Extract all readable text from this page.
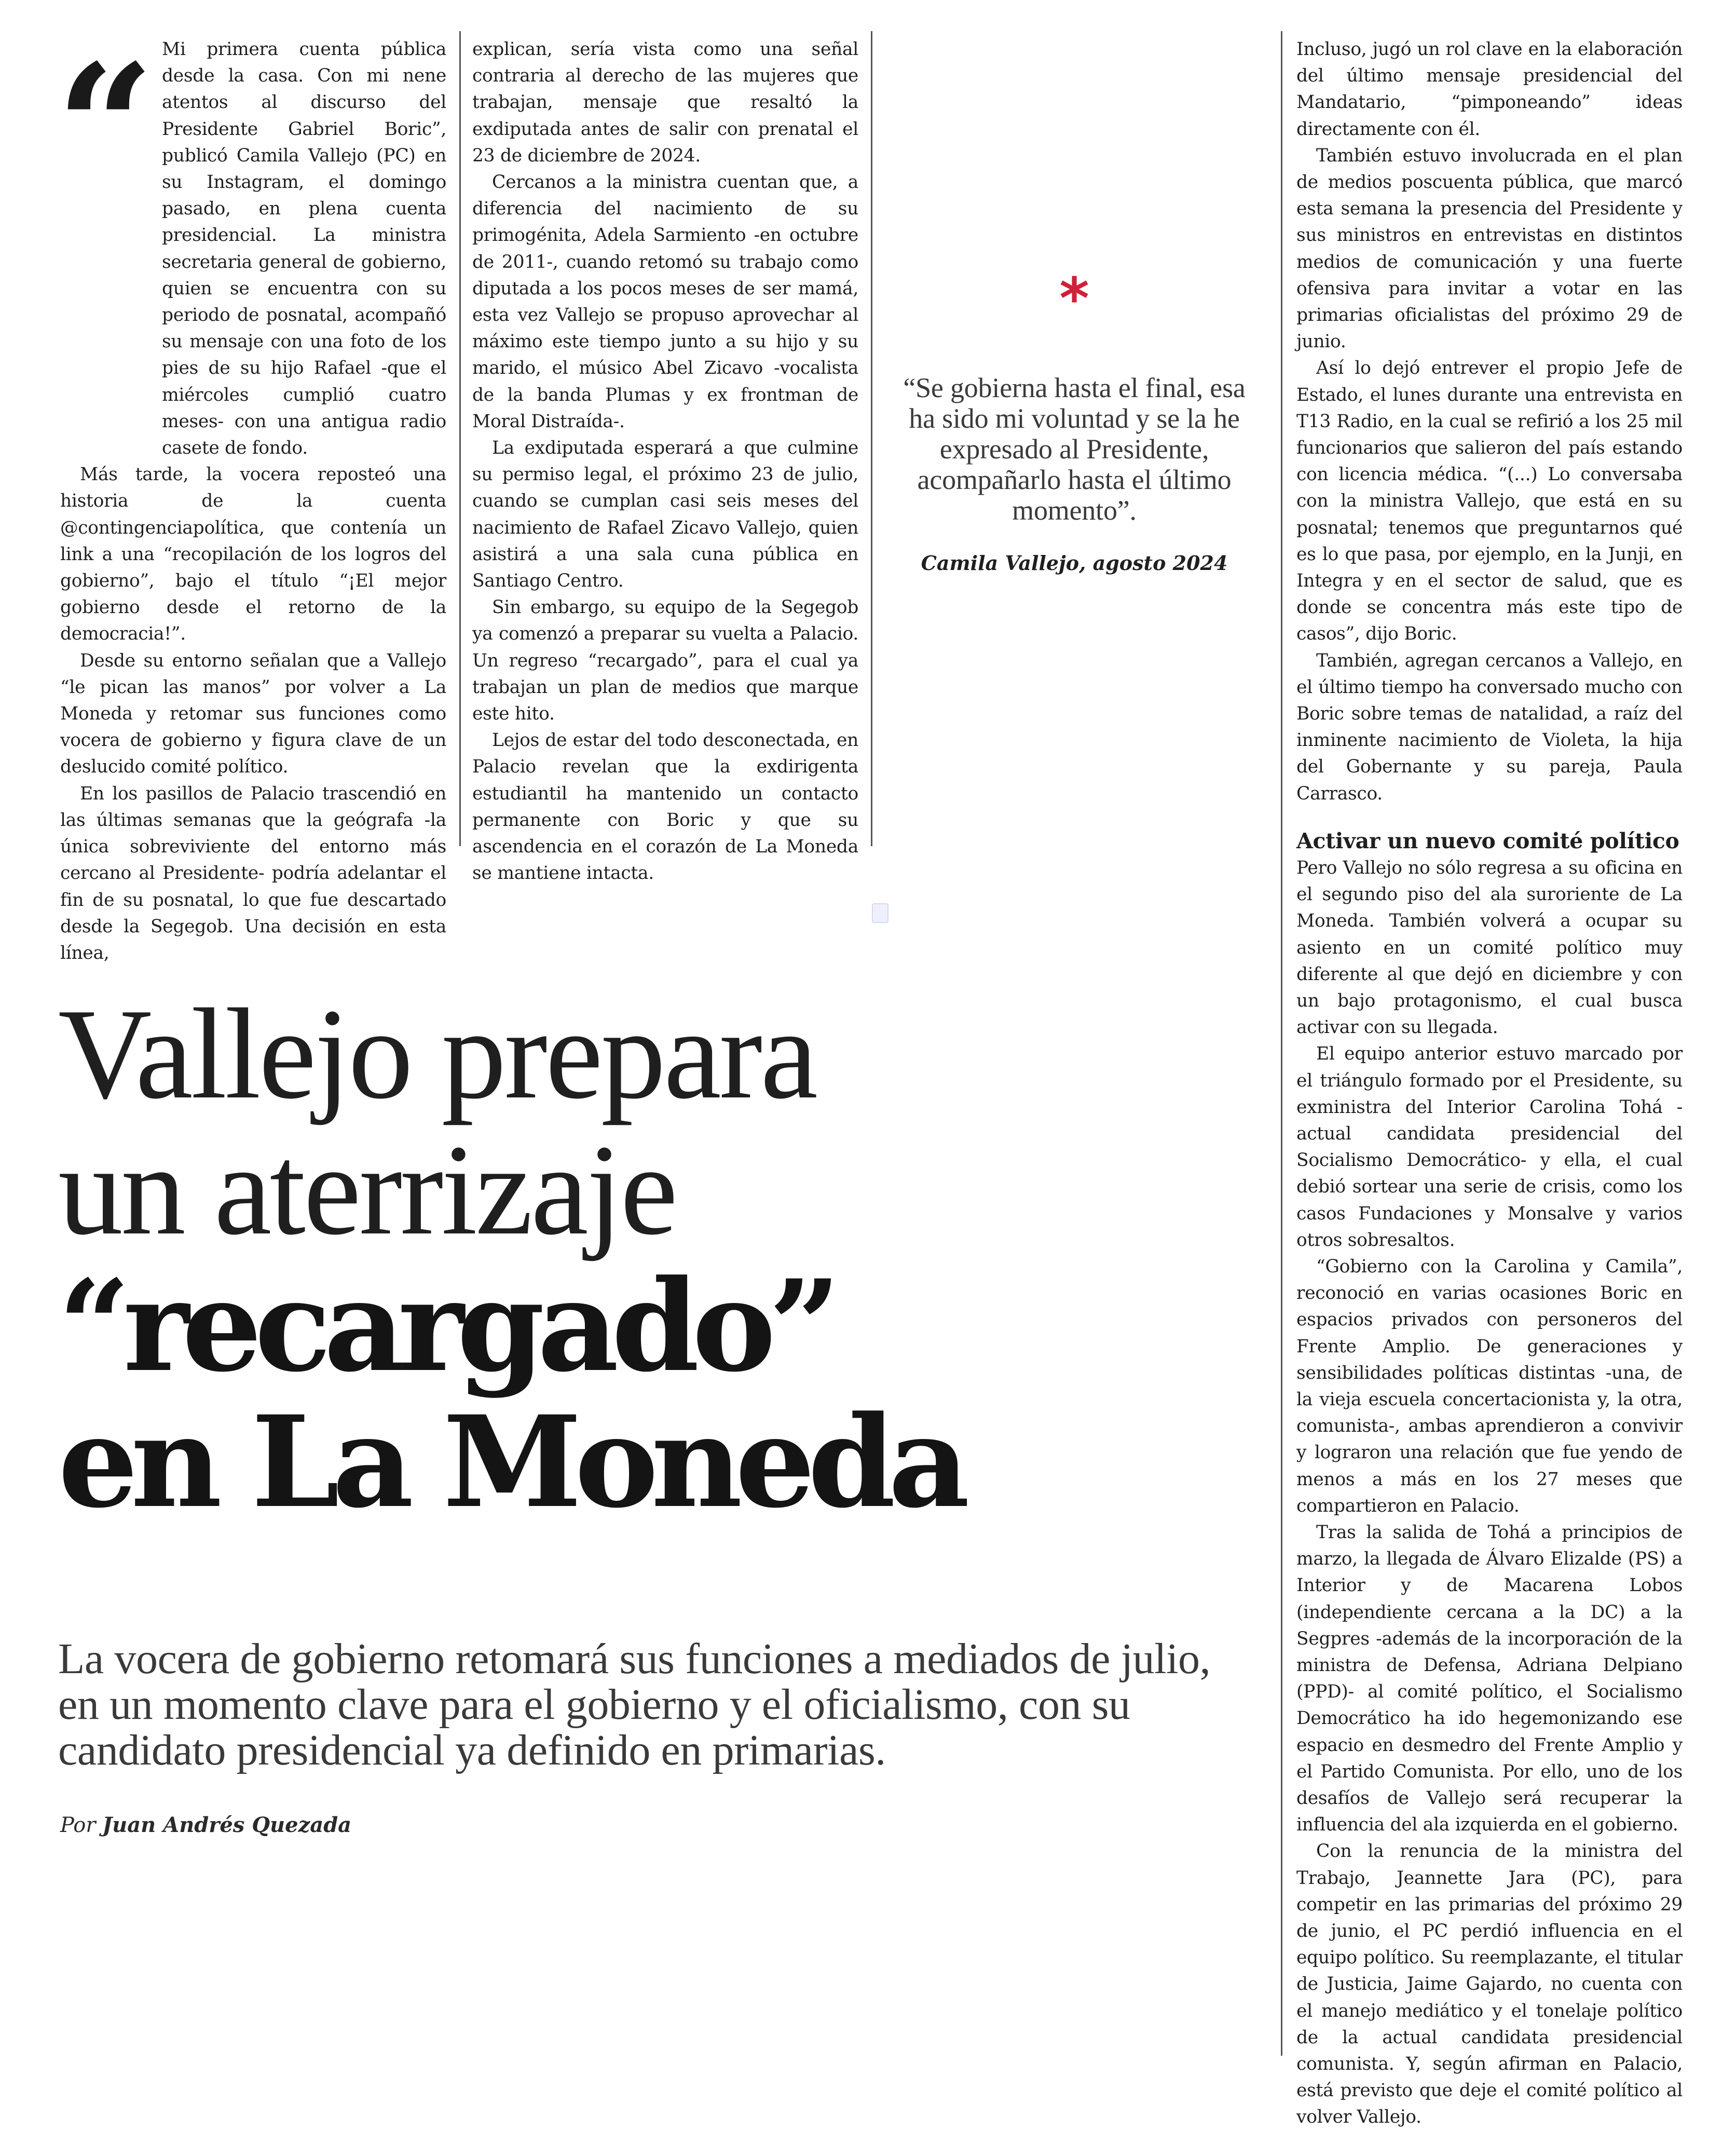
“ Mi primera cuenta pública desde la casa. Con mi nene atentos al discurso del Presidente Gabriel Boric”, publicó Camila Vallejo (PC) en su Instagram, el domingo pasado, en plena cuenta presidencial. La ministra secretaria general de gobierno, quien se encuentra con su periodo de posnatal, acompañó su mensaje con una foto de los pies de su hijo Rafael -que el miércoles cumplió cuatro meses- con una antigua radio casete de fondo.

Más tarde, la vocera reposteó una historia de la cuenta @contingenciapolítica, que contenía un link a una “recopilación de los logros del gobierno”, bajo el título “¡El mejor gobierno desde el retorno de la democracia!”.

Desde su entorno señalan que a Vallejo “le pican las manos” por volver a La Moneda y retomar sus funciones como vocera de gobierno y figura clave de un deslucido comité político.

En los pasillos de Palacio trascendió en las últimas semanas que la geógrafa -la única sobreviviente del entorno más cercano al Presidente- podría adelantar el fin de su posnatal, lo que fue descartado desde la Segegob. Una decisión en esta línea,

explican, sería vista como una señal contraria al derecho de las mujeres que trabajan, mensaje que resaltó la exdiputada antes de salir con prenatal el 23 de diciembre de 2024.

Cercanos a la ministra cuentan que, a diferencia del nacimiento de su primogénita, Adela Sarmiento -en octubre de 2011-, cuando retomó su trabajo como diputada a los pocos meses de ser mamá, esta vez Vallejo se propuso aprovechar al máximo este tiempo junto a su hijo y su marido, el músico Abel Zicavo -vocalista de la banda Plumas y ex frontman de Moral Distraída-.

La exdiputada esperará a que culmine su permiso legal, el próximo 23 de julio, cuando se cumplan casi seis meses del nacimiento de Rafael Zicavo Vallejo, quien asistirá a una sala cuna pública en Santiago Centro.

Sin embargo, su equipo de la Segegob ya comenzó a preparar su vuelta a Palacio. Un regreso “recargado”, para el cual ya trabajan un plan de medios que marque este hito.

Lejos de estar del todo desconectada, en Palacio revelan que la exdirigenta estudiantil ha mantenido un contacto permanente con Boric y que su ascendencia en el corazón de La Moneda se mantiene intacta.

*
“Se gobierna hasta el final, esa ha sido mi voluntad y se la he expresado al Presidente, acompañarlo hasta el último momento”.
Camila Vallejo, agosto 2024

Incluso, jugó un rol clave en la elaboración del último mensaje presidencial del Mandatario, “pimponeando” ideas directamente con él.

También estuvo involucrada en el plan de medios poscuenta pública, que marcó esta semana la presencia del Presidente y sus ministros en entrevistas en distintos medios de comunicación y una fuerte ofensiva para invitar a votar en las primarias oficialistas del próximo 29 de junio.

Así lo dejó entrever el propio Jefe de Estado, el lunes durante una entrevista en T13 Radio, en la cual se refirió a los 25 mil funcionarios que salieron del país estando con licencia médica. “(...) Lo conversaba con la ministra Vallejo, que está en su posnatal; tenemos que preguntarnos qué es lo que pasa, por ejemplo, en la Junji, en Integra y en el sector de salud, que es donde se concentra más este tipo de casos”, dijo Boric.

También, agregan cercanos a Vallejo, en el último tiempo ha conversado mucho con Boric sobre temas de natalidad, a raíz del inminente nacimiento de Violeta, la hija del Gobernante y su pareja, Paula Carrasco.

Activar un nuevo comité político

Pero Vallejo no sólo regresa a su oficina en el segundo piso del ala suroriente de La Moneda. También volverá a ocupar su asiento en un comité político muy diferente al que dejó en diciembre y con un bajo protagonismo, el cual busca activar con su llegada.

El equipo anterior estuvo marcado por el triángulo formado por el Presidente, su exministra del Interior Carolina Tohá -actual candidata presidencial del Socialismo Democrático- y ella, el cual debió sortear una serie de crisis, como los casos Fundaciones y Monsalve y varios otros sobresaltos.

“Gobierno con la Carolina y Camila”, reconoció en varias ocasiones Boric en espacios privados con personeros del Frente Amplio. De generaciones y sensibilidades políticas distintas -una, de la vieja escuela concertacionista y, la otra, comunista-, ambas aprendieron a convivir y lograron una relación que fue yendo de menos a más en los 27 meses que compartieron en Palacio.

Tras la salida de Tohá a principios de marzo, la llegada de Álvaro Elizalde (PS) a Interior y de Macarena Lobos (independiente cercana a la DC) a la Segpres -además de la incorporación de la ministra de Defensa, Adriana Delpiano (PPD)- al comité político, el Socialismo Democrático ha ido hegemonizando ese espacio en desmedro del Frente Amplio y el Partido Comunista. Por ello, uno de los desafíos de Vallejo será recuperar la influencia del ala izquierda en el gobierno.

Con la renuncia de la ministra del Trabajo, Jeannette Jara (PC), para competir en las primarias del próximo 29 de junio, el PC perdió influencia en el equipo político. Su reemplazante, el titular de Justicia, Jaime Gajardo, no cuenta con el manejo mediático y el tonelaje político de la actual candidata presidencial comunista. Y, según afirman en Palacio, está previsto que deje el comité político al volver Vallejo.

Vallejo prepara
un aterrizaje
“recargado”
en La Moneda
La vocera de gobierno retomará sus funciones a mediados de julio, en un momento clave para el gobierno y el oficialismo, con su candidato presidencial ya definido en primarias.
Por Juan Andrés Quezada
